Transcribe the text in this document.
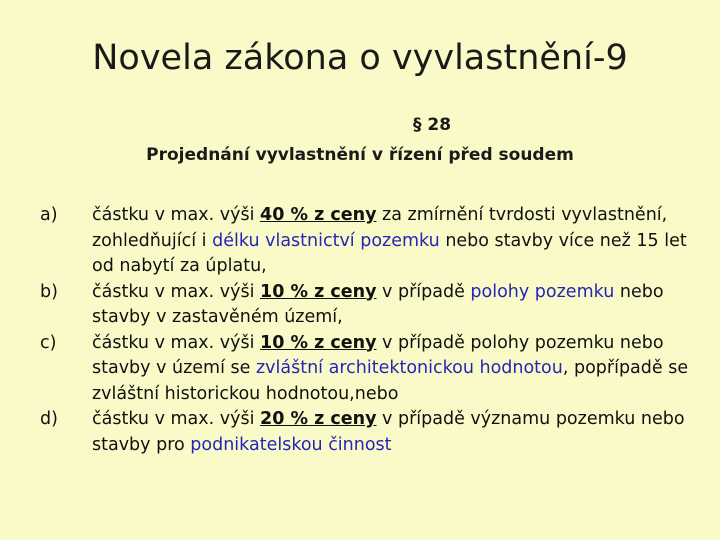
Novela zákona o vyvlastnění-9
§ 28
Projednání vyvlastnění v řízení před soudem
a)	částku v max. výši 40 % z ceny za zmírnění tvrdosti vyvlastnění, zohledňující i délku vlastnictví pozemku nebo stavby více než 15 let od nabytí za úplatu,
b)	částku v max. výši 10 % z ceny v případě polohy pozemku nebo stavby v zastavěném území,
c)	částku v max. výši 10 % z ceny v případě polohy pozemku nebo stavby v území se zvláštní architektonickou hodnotou, popřípadě se zvláštní historickou hodnotou,nebo
d)	částku v max. výši 20 % z ceny v případě významu pozemku nebo stavby pro podnikatelskou činnost
